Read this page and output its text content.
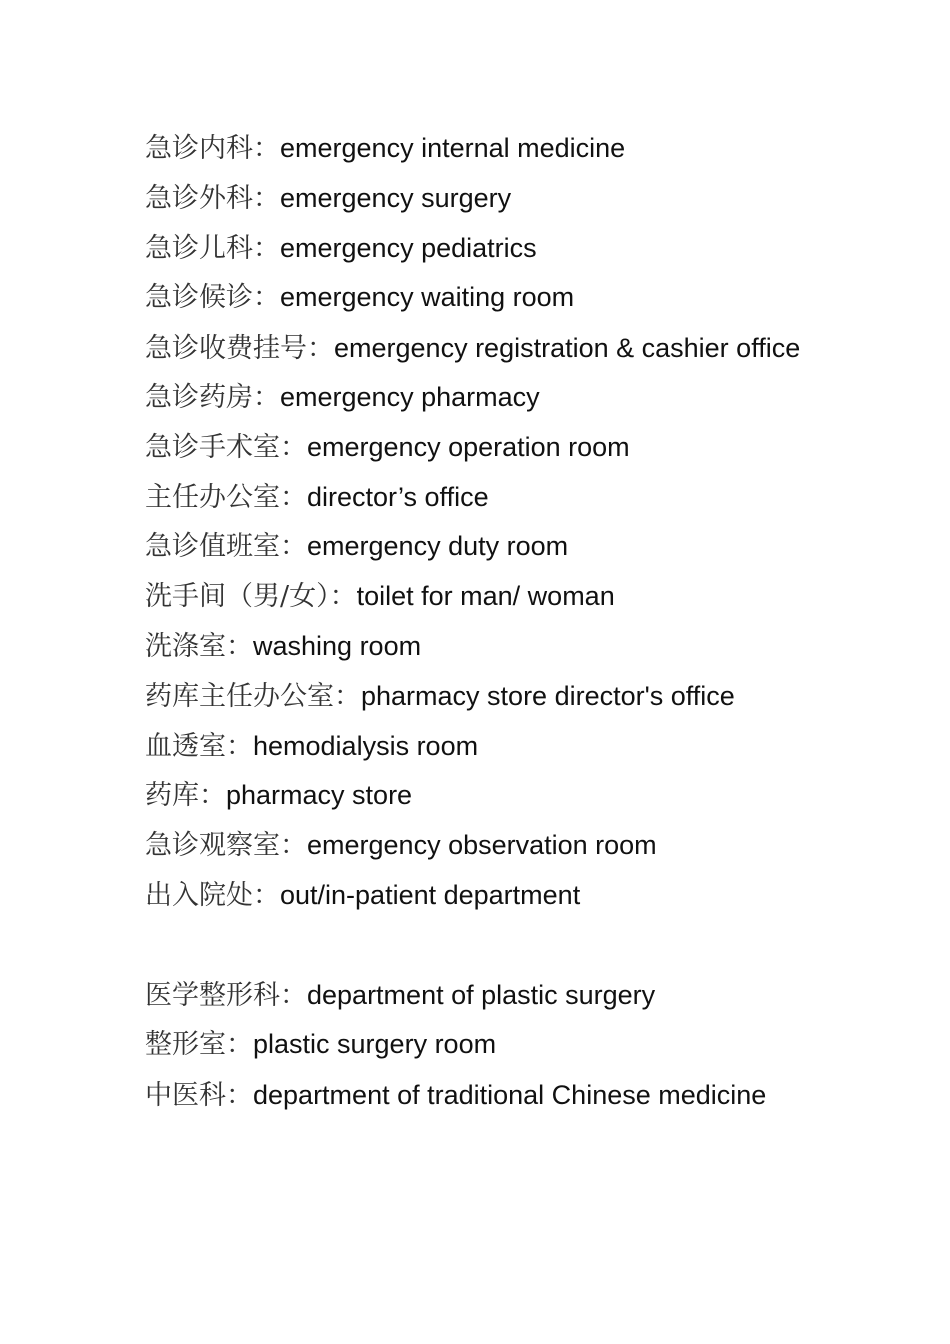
急诊内科：emergency internal medicine

急诊外科：emergency surgery

急诊儿科：emergency pediatrics

急诊候诊：emergency waiting room

急诊收费挂号：emergency registration & cashier office

急诊药房：emergency pharmacy

急诊手术室：emergency operation room

主任办公室：director’s office

急诊值班室：emergency duty room

洗手间（男/女）：toilet for man/ woman

洗涤室：washing room

药库主任办公室：pharmacy store director's office

血透室：hemodialysis room

药库：pharmacy store

急诊观察室：emergency observation room

出入院处：out/in-patient department

医学整形科：department of plastic surgery

整形室：plastic surgery room

中医科：department of traditional Chinese medicine
